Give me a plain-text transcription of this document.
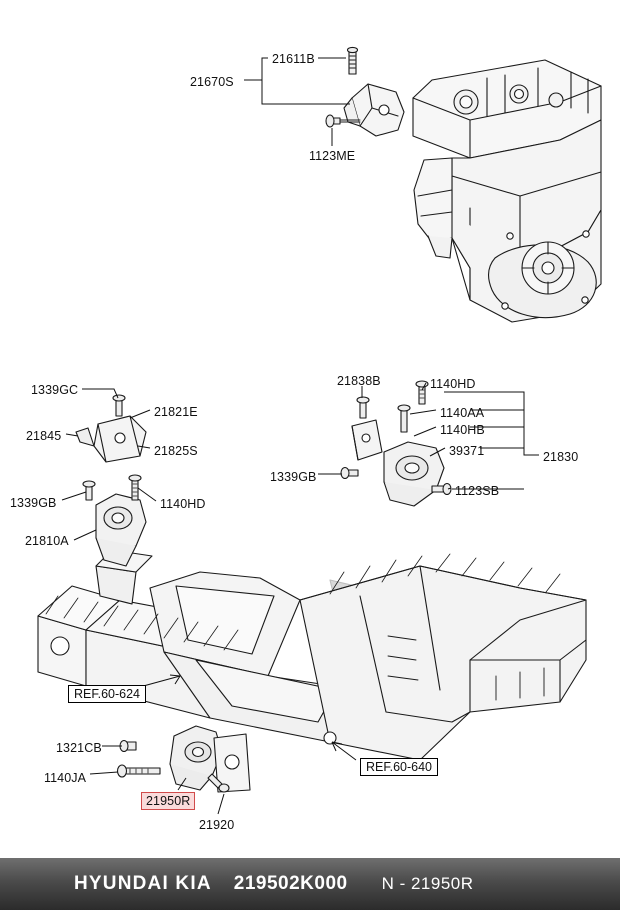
21670S
21611B
1123ME
1339GC
21821E
21845
21825S
1339GB	1140HD
21810A
21838B	1140HD
1140AA
1140HB
39371	21830
1339GB
1123SB
1321CB
1140JA
21950R
21920
REF.60-624
REF.60-640
HYUNDAI KIA 219502K000 N - 21950R
